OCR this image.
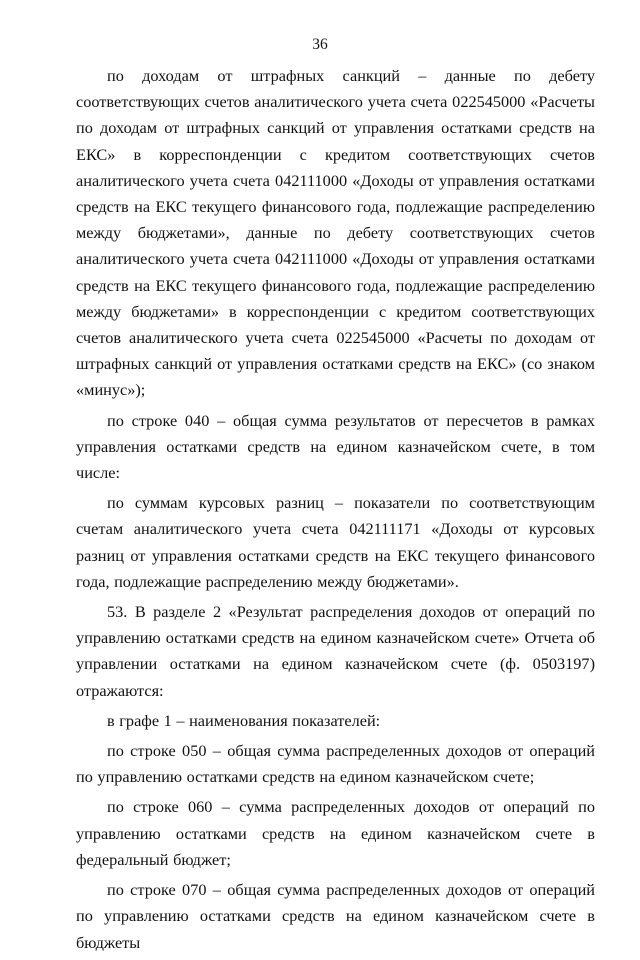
36

по доходам от штрафных санкций – данные по дебету соответствующих счетов аналитического учета счета 022545000 «Расчеты по доходам от штрафных санкций от управления остатками средств на ЕКС» в корреспонденции с кредитом соответствующих счетов аналитического учета счета 042111000 «Доходы от управления остатками средств на ЕКС текущего финансового года, подлежащие распределению между бюджетами», данные по дебету соответствующих счетов аналитического учета счета 042111000 «Доходы от управления остатками средств на ЕКС текущего финансового года, подлежащие распределению между бюджетами» в корреспонденции с кредитом соответствующих счетов аналитического учета счета 022545000 «Расчеты по доходам от штрафных санкций от управления остатками средств на ЕКС» (со знаком «минус»);

по строке 040 – общая сумма результатов от пересчетов в рамках управления остатками средств на едином казначейском счете, в том числе:

по суммам курсовых разниц – показатели по соответствующим счетам аналитического учета счета 042111171 «Доходы от курсовых разниц от управления остатками средств на ЕКС текущего финансового года, подлежащие распределению между бюджетами».

53. В разделе 2 «Результат распределения доходов от операций по управлению остатками средств на едином казначейском счете» Отчета об управлении остатками на едином казначейском счете (ф. 0503197) отражаются:

в графе 1 – наименования показателей:

по строке 050 – общая сумма распределенных доходов от операций по управлению остатками средств на едином казначейском счете;

по строке 060 – сумма распределенных доходов от операций по управлению остатками средств на едином казначейском счете в федеральный бюджет;

по строке 070 – общая сумма распределенных доходов от операций по управлению остатками средств на едином казначейском счете в бюджеты
